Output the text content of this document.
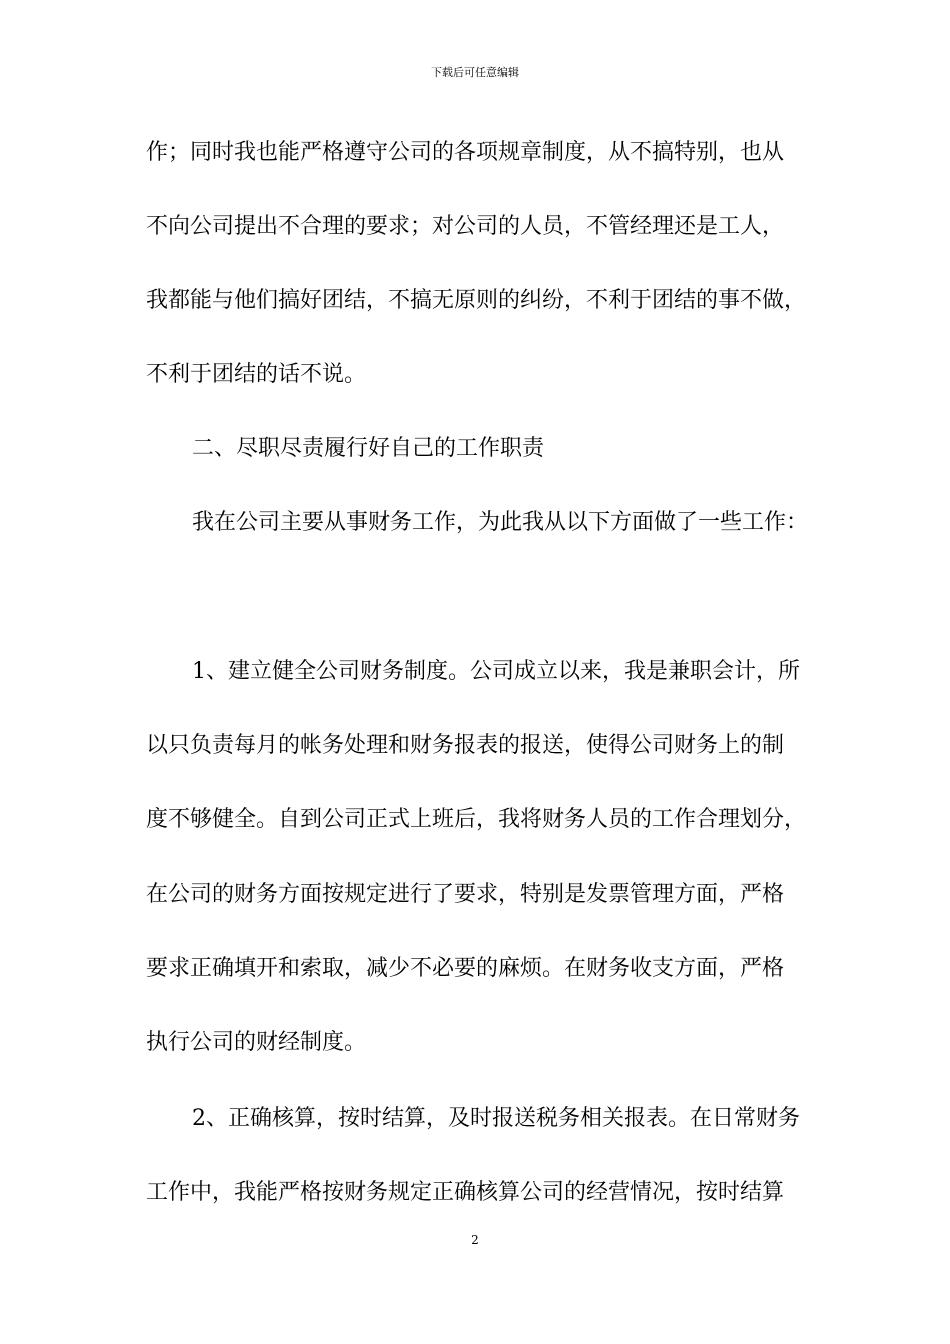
下载后可任意编辑
作；同时我也能严格遵守公司的各项规章制度，从不搞特别，也从
不向公司提出不合理的要求；对公司的人员，不管经理还是工人，
我都能与他们搞好团结，不搞无原则的纠纷，不利于团结的事不做，
不利于团结的话不说。
二、尽职尽责履行好自己的工作职责
我在公司主要从事财务工作，为此我从以下方面做了一些工作：
1、建立健全公司财务制度。公司成立以来，我是兼职会计，所
以只负责每月的帐务处理和财务报表的报送，使得公司财务上的制
度不够健全。自到公司正式上班后，我将财务人员的工作合理划分，
在公司的财务方面按规定进行了要求，特别是发票管理方面，严格
要求正确填开和索取，减少不必要的麻烦。在财务收支方面，严格
执行公司的财经制度。
2、正确核算，按时结算，及时报送税务相关报表。在日常财务
工作中，我能严格按财务规定正确核算公司的经营情况，按时结算
2
